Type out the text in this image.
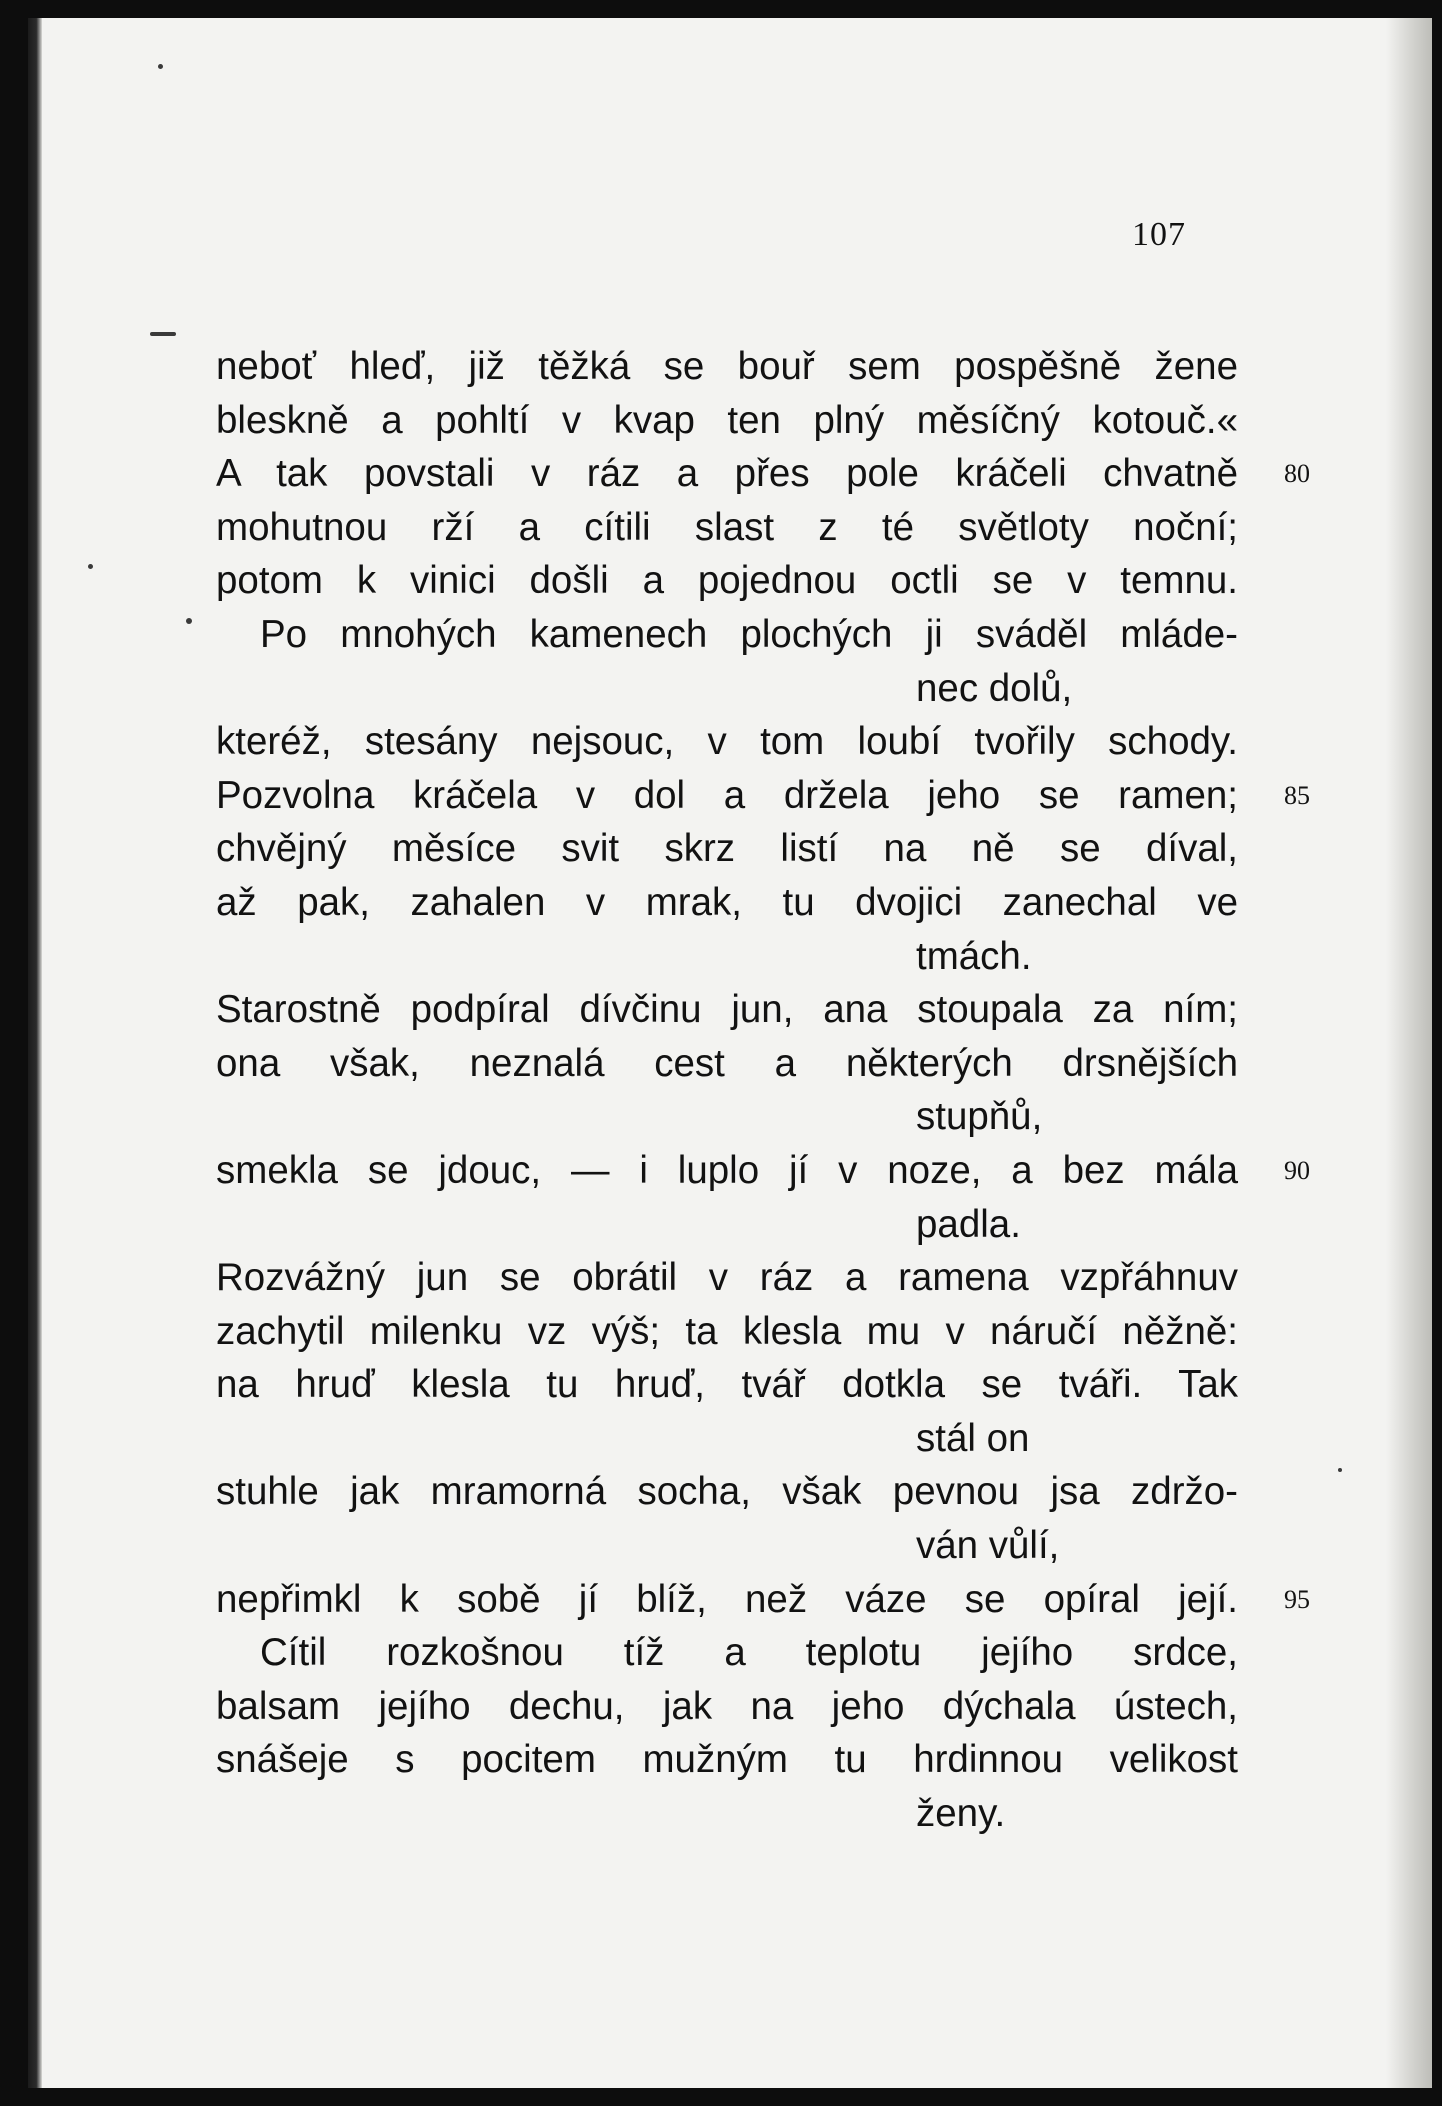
107
neboť hleď, již těžká se bouř sem pospěšně žene
bleskně a pohltí v kvap ten plný měsíčný kotouč.«
A tak povstali v ráz a přes pole kráčeli chvatně	80
mohutnou rží a cítili slast z té světloty noční;
potom k vinici došli a pojednou octli se v temnu.
Po mnohých kamenech plochých ji sváděl mláde-
nec dolů,
kteréž, stesány nejsouc, v tom loubí tvořily schody.
Pozvolna kráčela v dol a držela jeho se ramen;	85
chvějný měsíce svit skrz listí na ně se díval,
až pak, zahalen v mrak, tu dvojici zanechal ve
tmách.
Starostně podpíral dívčinu jun, ana stoupala za ním;
ona však, neznalá cest a některých drsnějších
stupňů,
smekla se jdouc, — i luplo jí v noze, a bez mála	90
padla.
Rozvážný jun se obrátil v ráz a ramena vzpřáhnuv
zachytil milenku vz výš; ta klesla mu v náručí něžně:
na hruď klesla tu hruď, tvář dotkla se tváři. Tak
stál on
stuhle jak mramorná socha, však pevnou jsa zdržo-
ván vůlí,
nepřimkl k sobě jí blíž, než váze se opíral její.	95
Cítil rozkošnou tíž a teplotu jejího srdce,
balsam jejího dechu, jak na jeho dýchala ústech,
snášeje s pocitem mužným tu hrdinnou velikost
ženy.
